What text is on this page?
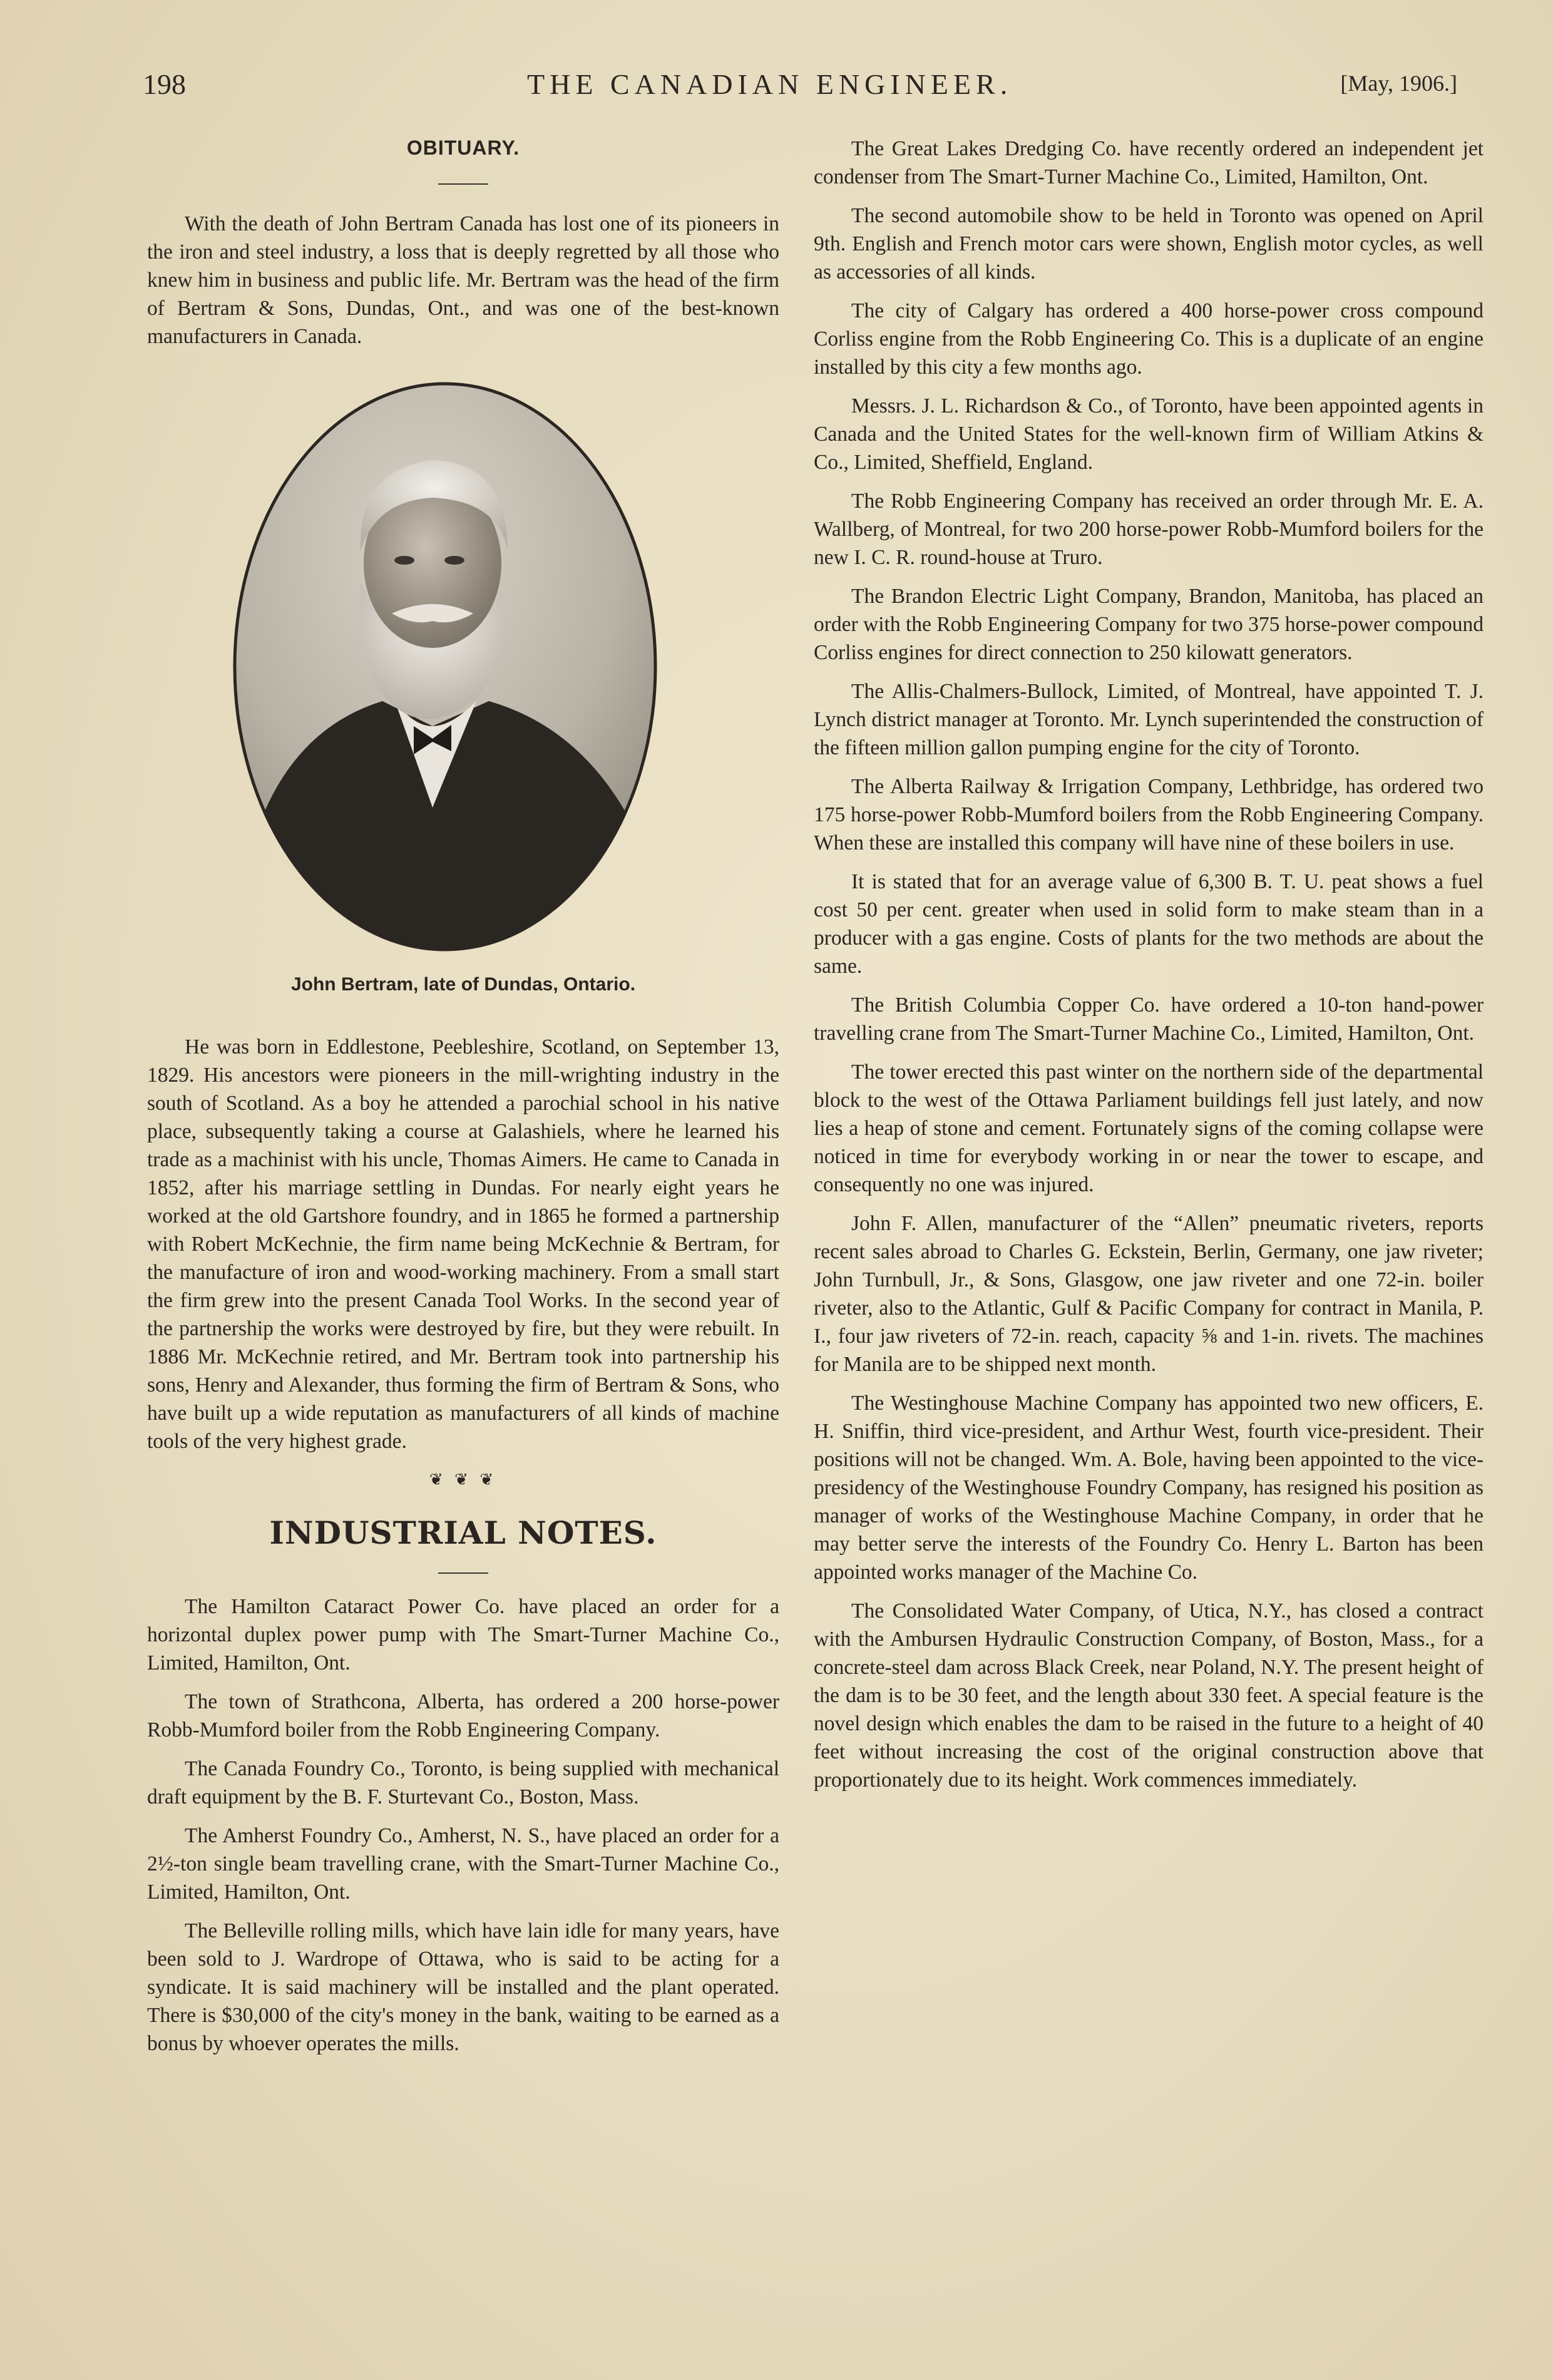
198	THE CANADIAN ENGINEER.	[May, 1906.]
OBITUARY.

With the death of John Bertram Canada has lost one of its pioneers in the iron and steel industry, a loss that is deeply regretted by all those who knew him in business and public life. Mr. Bertram was the head of the firm of Bertram & Sons, Dundas, Ont., and was one of the best-known manufacturers in Canada.

John Bertram, late of Dundas, Ontario.

He was born in Eddlestone, Peebleshire, Scotland, on September 13, 1829. His ancestors were pioneers in the mill-wrighting industry in the south of Scotland. As a boy he attended a parochial school in his native place, subsequently taking a course at Galashiels, where he learned his trade as a machinist with his uncle, Thomas Aimers. He came to Canada in 1852, after his marriage settling in Dundas. For nearly eight years he worked at the old Gartshore foundry, and in 1865 he formed a partnership with Robert McKechnie, the firm name being McKechnie & Bertram, for the manufacture of iron and wood-working machinery. From a small start the firm grew into the present Canada Tool Works. In the second year of the partnership the works were destroyed by fire, but they were rebuilt. In 1886 Mr. McKechnie retired, and Mr. Bertram took into partnership his sons, Henry and Alexander, thus forming the firm of Bertram & Sons, who have built up a wide reputation as manufacturers of all kinds of machine tools of the very highest grade.

❦ ❦ ❦
INDUSTRIAL NOTES.

The Hamilton Cataract Power Co. have placed an order for a horizontal duplex power pump with The Smart-Turner Machine Co., Limited, Hamilton, Ont.

The town of Strathcona, Alberta, has ordered a 200 horse-power Robb-Mumford boiler from the Robb Engineering Company.

The Canada Foundry Co., Toronto, is being supplied with mechanical draft equipment by the B. F. Sturtevant Co., Boston, Mass.

The Amherst Foundry Co., Amherst, N. S., have placed an order for a 2½-ton single beam travelling crane, with the Smart-Turner Machine Co., Limited, Hamilton, Ont.

The Belleville rolling mills, which have lain idle for many years, have been sold to J. Wardrope of Ottawa, who is said to be acting for a syndicate. It is said machinery will be installed and the plant operated. There is $30,000 of the city's money in the bank, waiting to be earned as a bonus by whoever operates the mills.

The Great Lakes Dredging Co. have recently ordered an independent jet condenser from The Smart-Turner Machine Co., Limited, Hamilton, Ont.

The second automobile show to be held in Toronto was opened on April 9th. English and French motor cars were shown, English motor cycles, as well as accessories of all kinds.

The city of Calgary has ordered a 400 horse-power cross compound Corliss engine from the Robb Engineering Co. This is a duplicate of an engine installed by this city a few months ago.

Messrs. J. L. Richardson & Co., of Toronto, have been appointed agents in Canada and the United States for the well-known firm of William Atkins & Co., Limited, Sheffield, England.

The Robb Engineering Company has received an order through Mr. E. A. Wallberg, of Montreal, for two 200 horse-power Robb-Mumford boilers for the new I. C. R. round-house at Truro.

The Brandon Electric Light Company, Brandon, Manitoba, has placed an order with the Robb Engineering Company for two 375 horse-power compound Corliss engines for direct connection to 250 kilowatt generators.

The Allis-Chalmers-Bullock, Limited, of Montreal, have appointed T. J. Lynch district manager at Toronto. Mr. Lynch superintended the construction of the fifteen million gallon pumping engine for the city of Toronto.

The Alberta Railway & Irrigation Company, Lethbridge, has ordered two 175 horse-power Robb-Mumford boilers from the Robb Engineering Company. When these are installed this company will have nine of these boilers in use.

It is stated that for an average value of 6,300 B. T. U. peat shows a fuel cost 50 per cent. greater when used in solid form to make steam than in a producer with a gas engine. Costs of plants for the two methods are about the same.

The British Columbia Copper Co. have ordered a 10-ton hand-power travelling crane from The Smart-Turner Machine Co., Limited, Hamilton, Ont.

The tower erected this past winter on the northern side of the departmental block to the west of the Ottawa Parliament buildings fell just lately, and now lies a heap of stone and cement. Fortunately signs of the coming collapse were noticed in time for everybody working in or near the tower to escape, and consequently no one was injured.

John F. Allen, manufacturer of the “Allen” pneumatic riveters, reports recent sales abroad to Charles G. Eckstein, Berlin, Germany, one jaw riveter; John Turnbull, Jr., & Sons, Glasgow, one jaw riveter and one 72-in. boiler riveter, also to the Atlantic, Gulf & Pacific Company for contract in Manila, P. I., four jaw riveters of 72-in. reach, capacity ⅝ and 1-in. rivets. The machines for Manila are to be shipped next month.

The Westinghouse Machine Company has appointed two new officers, E. H. Sniffin, third vice-president, and Arthur West, fourth vice-president. Their positions will not be changed. Wm. A. Bole, having been appointed to the vice-presidency of the Westinghouse Foundry Company, has resigned his position as manager of works of the Westinghouse Machine Company, in order that he may better serve the interests of the Foundry Co. Henry L. Barton has been appointed works manager of the Machine Co.

The Consolidated Water Company, of Utica, N.Y., has closed a contract with the Ambursen Hydraulic Construction Company, of Boston, Mass., for a concrete-steel dam across Black Creek, near Poland, N.Y. The present height of the dam is to be 30 feet, and the length about 330 feet. A special feature is the novel design which enables the dam to be raised in the future to a height of 40 feet without increasing the cost of the original construction above that proportionately due to its height. Work commences immediately.
